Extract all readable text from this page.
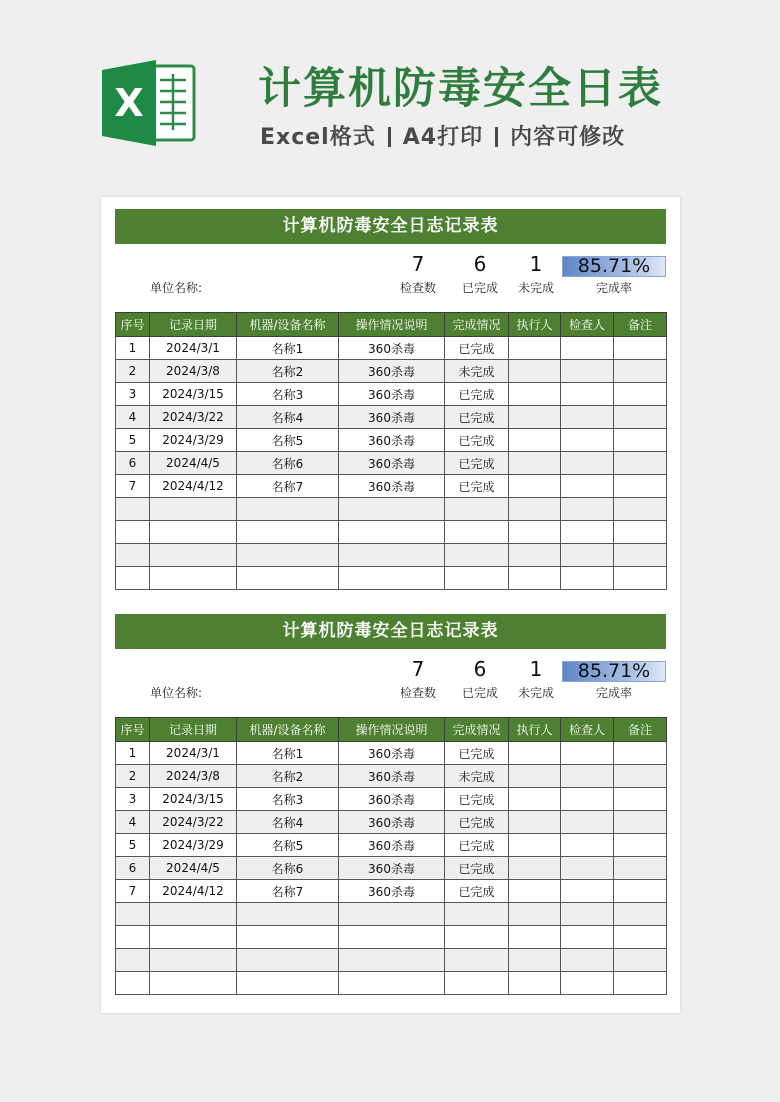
X	计算机防毒安全日表
Excel格式 A4打印 内容可修改
计算机防毒安全日志记录表
单位名称:
7
检查数
6
已完成
1
未完成
85.71%
完成率
序号	记录日期	机器/设备名称	操作情况说明	完成情况	执行人	检查人	备注
1	2024/3/1	名称1	360杀毒	已完成			
2	2024/3/8	名称2	360杀毒	未完成			
3	2024/3/15	名称3	360杀毒	已完成			
4	2024/3/22	名称4	360杀毒	已完成			
5	2024/3/29	名称5	360杀毒	已完成			
6	2024/4/5	名称6	360杀毒	已完成			
7	2024/4/12	名称7	360杀毒	已完成			

计算机防毒安全日志记录表
单位名称:
7
检查数
6
已完成
1
未完成
85.71%
完成率
序号	记录日期	机器/设备名称	操作情况说明	完成情况	执行人	检查人	备注
1	2024/3/1	名称1	360杀毒	已完成			
2	2024/3/8	名称2	360杀毒	未完成			
3	2024/3/15	名称3	360杀毒	已完成			
4	2024/3/22	名称4	360杀毒	已完成			
5	2024/3/29	名称5	360杀毒	已完成			
6	2024/4/5	名称6	360杀毒	已完成			
7	2024/4/12	名称7	360杀毒	已完成			
